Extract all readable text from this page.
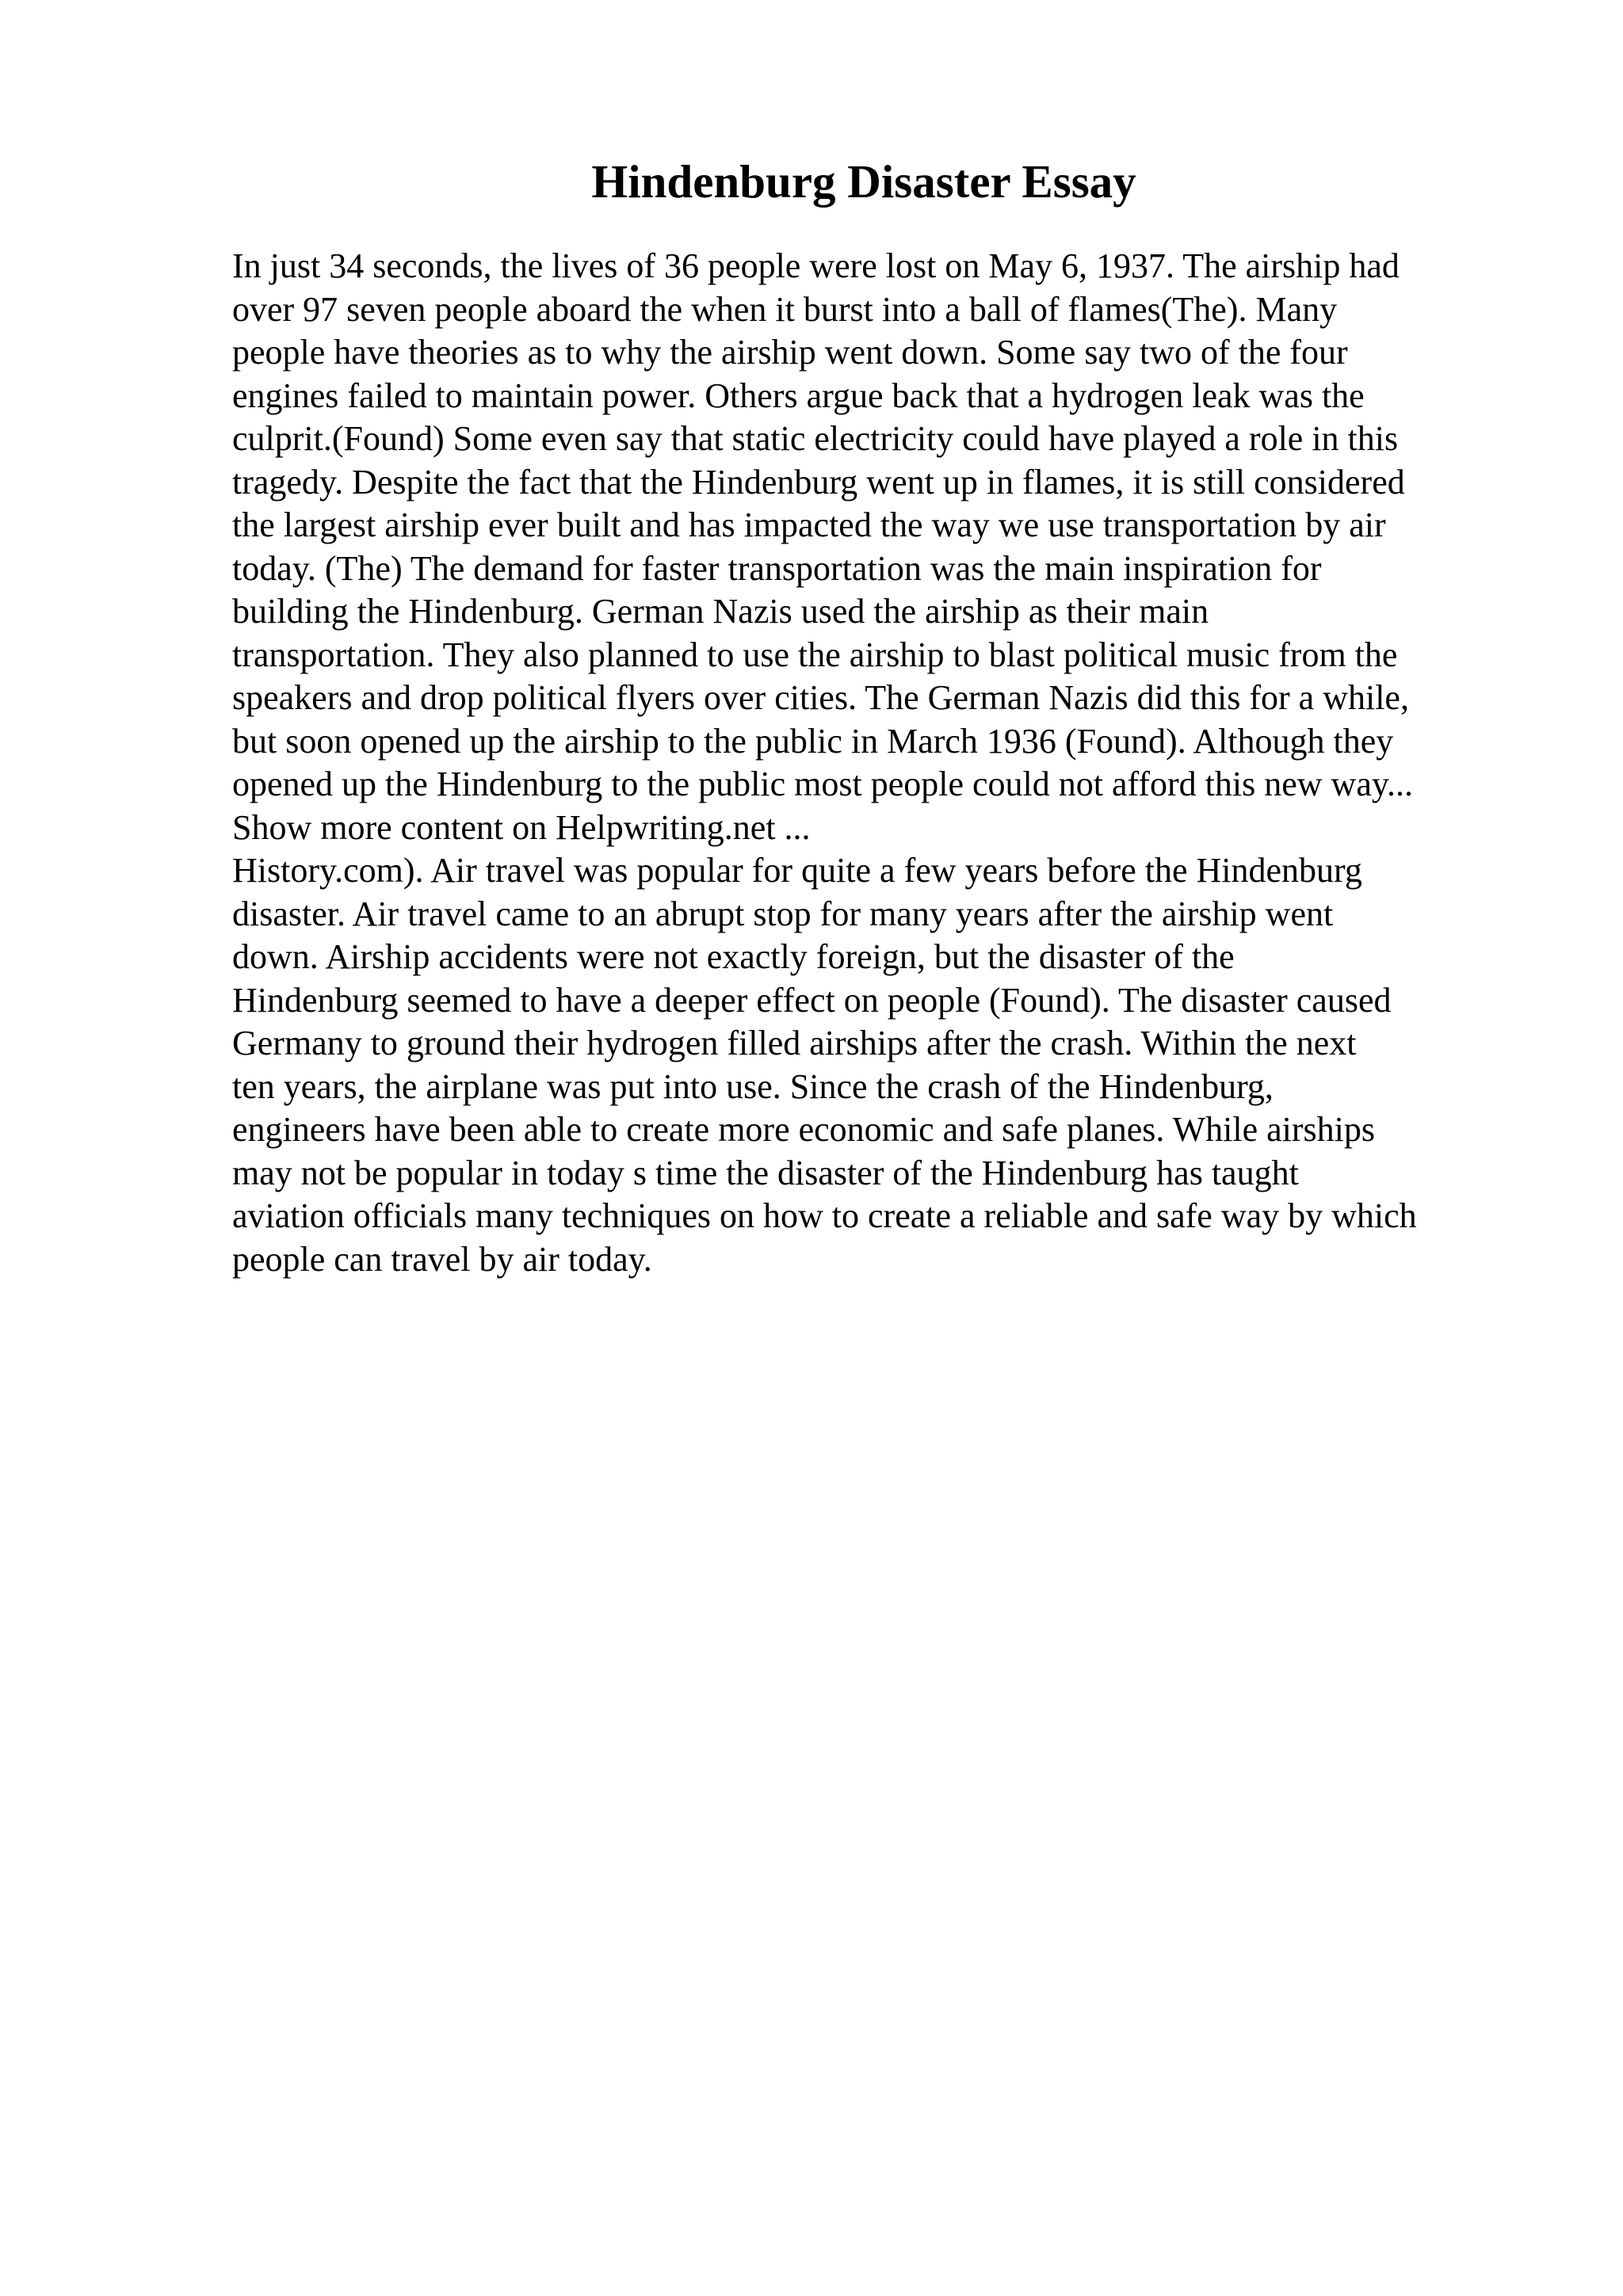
Hindenburg Disaster Essay
In just 34 seconds, the lives of 36 people were lost on May 6, 1937. The airship had
over 97 seven people aboard the when it burst into a ball of flames(The). Many
people have theories as to why the airship went down. Some say two of the four
engines failed to maintain power. Others argue back that a hydrogen leak was the
culprit.(Found) Some even say that static electricity could have played a role in this
tragedy. Despite the fact that the Hindenburg went up in flames, it is still considered
the largest airship ever built and has impacted the way we use transportation by air
today. (The) The demand for faster transportation was the main inspiration for
building the Hindenburg. German Nazis used the airship as their main
transportation. They also planned to use the airship to blast political music from the
speakers and drop political flyers over cities. The German Nazis did this for a while,
but soon opened up the airship to the public in March 1936 (Found). Although they
opened up the Hindenburg to the public most people could not afford this new way...
Show more content on Helpwriting.net ...
History.com). Air travel was popular for quite a few years before the Hindenburg
disaster. Air travel came to an abrupt stop for many years after the airship went
down. Airship accidents were not exactly foreign, but the disaster of the
Hindenburg seemed to have a deeper effect on people (Found). The disaster caused
Germany to ground their hydrogen filled airships after the crash. Within the next
ten years, the airplane was put into use. Since the crash of the Hindenburg,
engineers have been able to create more economic and safe planes. While airships
may not be popular in today s time the disaster of the Hindenburg has taught
aviation officials many techniques on how to create a reliable and safe way by which
people can travel by air today.
